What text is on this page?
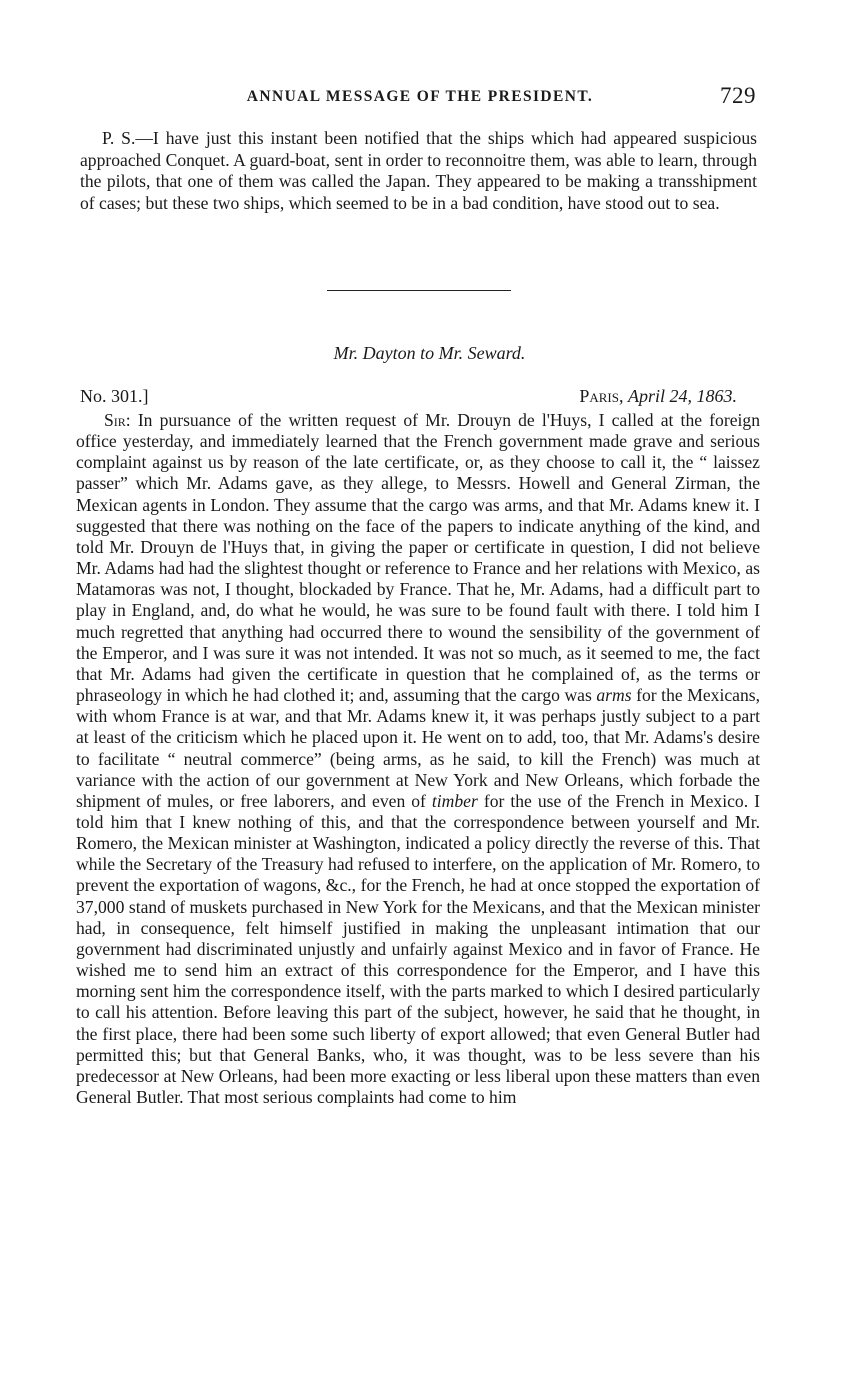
ANNUAL MESSAGE OF THE PRESIDENT.	729

P. S.—I have just this instant been notified that the ships which had appeared suspicious approached Conquet. A guard-boat, sent in order to reconnoitre them, was able to learn, through the pilots, that one of them was called the Japan. They appeared to be making a transshipment of cases; but these two ships, which seemed to be in a bad condition, have stood out to sea.

Mr. Dayton to Mr. Seward.
No. 301.]	Paris, April 24, 1863.

Sir: In pursuance of the written request of Mr. Drouyn de l'Huys, I called at the foreign office yesterday, and immediately learned that the French government made grave and serious complaint against us by reason of the late certificate, or, as they choose to call it, the “ laissez passer” which Mr. Adams gave, as they allege, to Messrs. Howell and General Zirman, the Mexican agents in London. They assume that the cargo was arms, and that Mr. Adams knew it. I suggested that there was nothing on the face of the papers to indicate anything of the kind, and told Mr. Drouyn de l'Huys that, in giving the paper or certificate in question, I did not believe Mr. Adams had had the slightest thought or reference to France and her relations with Mexico, as Matamoras was not, I thought, blockaded by France. That he, Mr. Adams, had a difficult part to play in England, and, do what he would, he was sure to be found fault with there. I told him I much regretted that anything had occurred there to wound the sensibility of the government of the Emperor, and I was sure it was not intended. It was not so much, as it seemed to me, the fact that Mr. Adams had given the certificate in question that he complained of, as the terms or phraseology in which he had clothed it; and, assuming that the cargo was arms for the Mexicans, with whom France is at war, and that Mr. Adams knew it, it was perhaps justly subject to a part at least of the criticism which he placed upon it. He went on to add, too, that Mr. Adams's desire to facilitate “ neutral commerce” (being arms, as he said, to kill the French) was much at variance with the action of our government at New York and New Orleans, which forbade the shipment of mules, or free laborers, and even of timber for the use of the French in Mexico. I told him that I knew nothing of this, and that the correspondence between yourself and Mr. Romero, the Mexican minister at Washington, indicated a policy directly the reverse of this. That while the Secretary of the Treasury had refused to interfere, on the application of Mr. Romero, to prevent the exportation of wagons, &c., for the French, he had at once stopped the exportation of 37,000 stand of muskets purchased in New York for the Mexicans, and that the Mexican minister had, in consequence, felt himself justified in making the unpleasant intimation that our government had discriminated unjustly and unfairly against Mexico and in favor of France. He wished me to send him an extract of this correspondence for the Emperor, and I have this morning sent him the correspondence itself, with the parts marked to which I desired particularly to call his attention. Before leaving this part of the subject, however, he said that he thought, in the first place, there had been some such liberty of export allowed; that even General Butler had permitted this; but that General Banks, who, it was thought, was to be less severe than his predecessor at New Orleans, had been more exacting or less liberal upon these matters than even General Butler. That most serious complaints had come to him
